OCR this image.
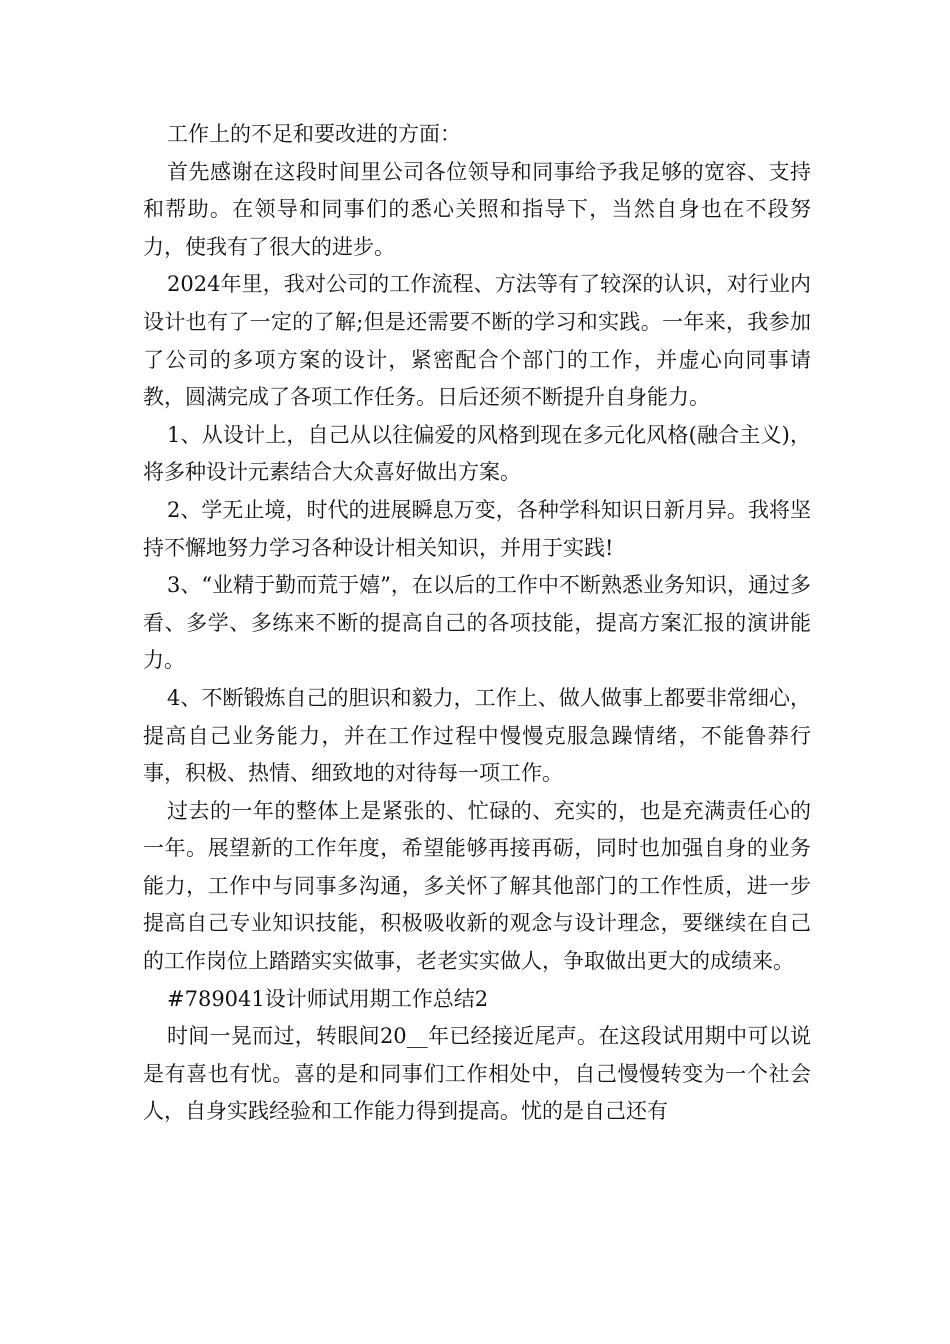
工作上的不足和要改进的方面：

首先感谢在这段时间里公司各位领导和同事给予我足够的宽容、支持和帮助。在领导和同事们的悉心关照和指导下，当然自身也在不段努力，使我有了很大的进步。

2024年里，我对公司的工作流程、方法等有了较深的认识，对行业内设计也有了一定的了解;但是还需要不断的学习和实践。一年来，我参加了公司的多项方案的设计，紧密配合个部门的工作，并虚心向同事请教，圆满完成了各项工作任务。日后还须不断提升自身能力。

1、从设计上，自己从以往偏爱的风格到现在多元化风格(融合主义)，将多种设计元素结合大众喜好做出方案。

2、学无止境，时代的进展瞬息万变，各种学科知识日新月异。我将坚持不懈地努力学习各种设计相关知识，并用于实践!

3、“业精于勤而荒于嬉”，在以后的工作中不断熟悉业务知识，通过多看、多学、多练来不断的提高自己的各项技能，提高方案汇报的演讲能力。

4、不断锻炼自己的胆识和毅力，工作上、做人做事上都要非常细心，提高自己业务能力，并在工作过程中慢慢克服急躁情绪，不能鲁莽行事，积极、热情、细致地的对待每一项工作。

过去的一年的整体上是紧张的、忙碌的、充实的，也是充满责任心的一年。展望新的工作年度，希望能够再接再砺，同时也加强自身的业务能力，工作中与同事多沟通，多关怀了解其他部门的工作性质，进一步提高自己专业知识技能，积极吸收新的观念与设计理念，要继续在自己的工作岗位上踏踏实实做事，老老实实做人，争取做出更大的成绩来。

#789041设计师试用期工作总结2

时间一晃而过，转眼间20__年已经接近尾声。在这段试用期中可以说是有喜也有忧。喜的是和同事们工作相处中，自己慢慢转变为一个社会人，自身实践经验和工作能力得到提高。忧的是自己还有
